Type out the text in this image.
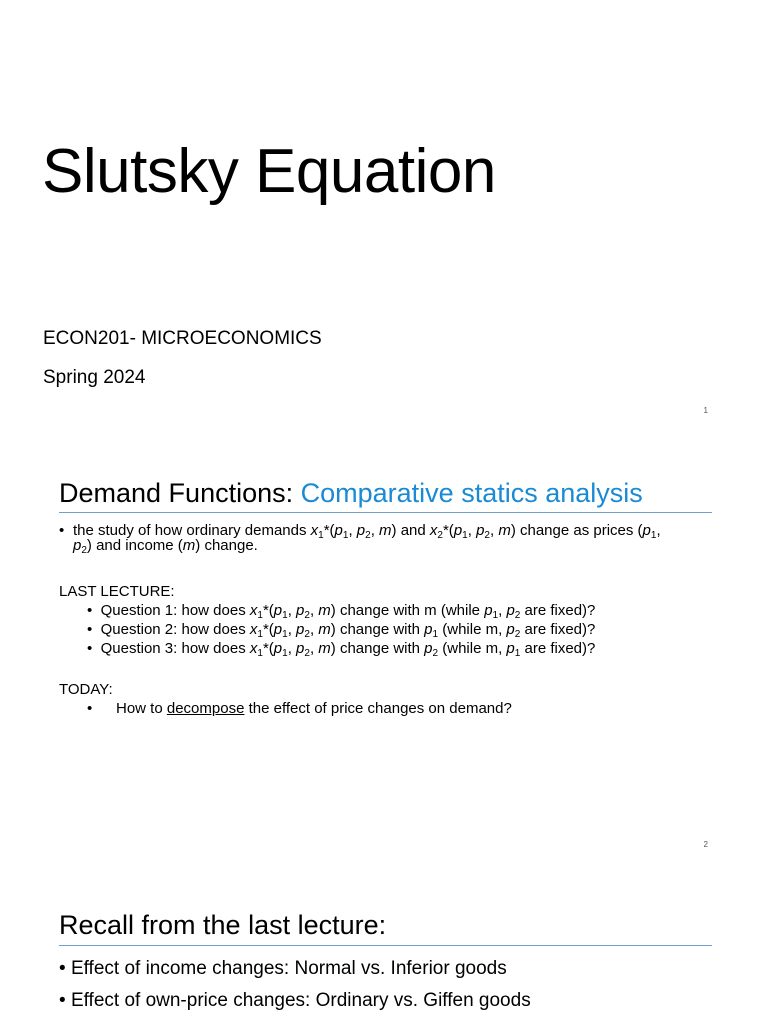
Slutsky Equation
ECON201- MICROECONOMICS
Spring 2024
1
Demand Functions: Comparative statics analysis
• the study of how ordinary demands $x_1*(p_1$, $p_2$, m) and $x_2*(p_1$, $p_2$, m) change as prices ($p_1$,
$p_2$) and income (m) change.
LAST LECTURE:
•  Question 1: how does $x_1*(p_1$, $p_2$, m) change with m (while $p_1$, $p_2$ are fixed)?
•  Question 2: how does $x_1*(p_1$, $p_2$, m) change with $p_1$ (while m, $p_2$ are fixed)?
•  Question 3: how does $x_1*(p_1$, $p_2$, m) change with $p_2$ (while m, $p_1$ are fixed)?
TODAY:
• How to decompose the effect of price changes on demand?
2
Recall from the last lecture:
• Effect of income changes: Normal vs. Inferior goods
• Effect of own-price changes: Ordinary vs. Giffen goods
